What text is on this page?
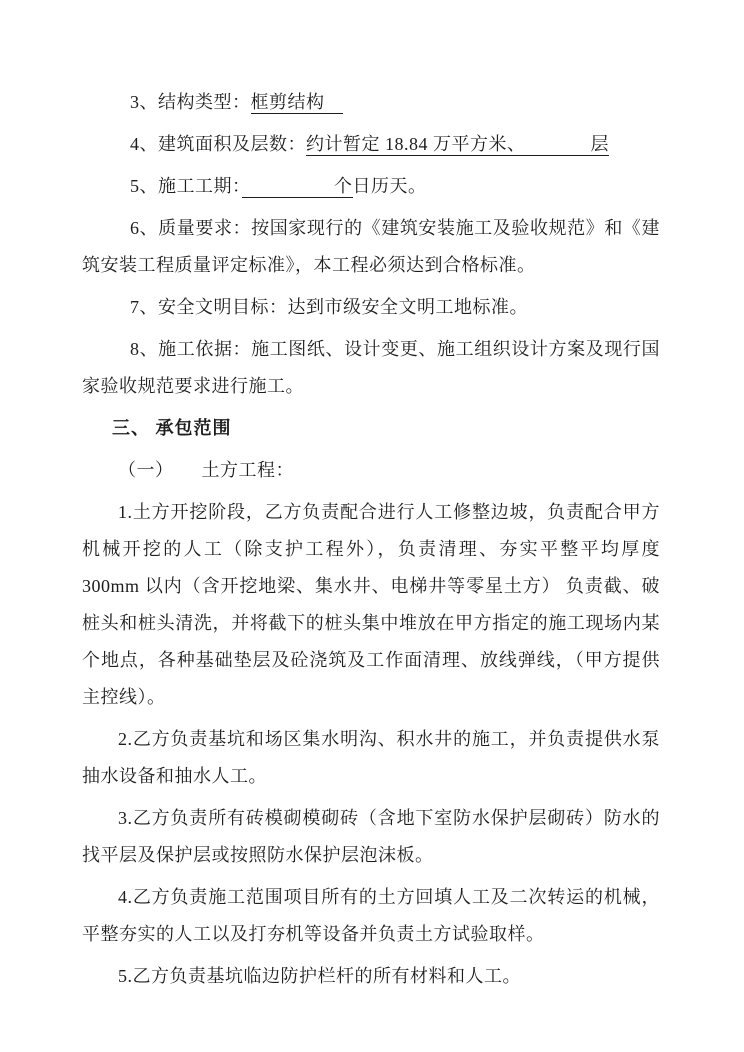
3、结构类型：框剪结构　

4、建筑面积及层数：约计暂定 18.84 万平方米、　　　　层

5、施工工期：　　　　　个日历天。

6、质量要求：按国家现行的《建筑安装施工及验收规范》和《建筑安装工程质量评定标准》，本工程必须达到合格标准。

7、安全文明目标：达到市级安全文明工地标准。

8、施工依据：施工图纸、设计变更、施工组织设计方案及现行国家验收规范要求进行施工。

三、 承包范围

（一）　　土方工程：

1.土方开挖阶段，乙方负责配合进行人工修整边坡，负责配合甲方机械开挖的人工（除支护工程外），负责清理、夯实平整平均厚度 300mm 以内（含开挖地梁、集水井、电梯井等零星土方） 负责截、破桩头和桩头清洗，并将截下的桩头集中堆放在甲方指定的施工现场内某个地点，各种基础垫层及砼浇筑及工作面清理、放线弹线，（甲方提供主控线）。

2.乙方负责基坑和场区集水明沟、积水井的施工，并负责提供水泵抽水设备和抽水人工。

3.乙方负责所有砖模砌模砌砖（含地下室防水保护层砌砖）防水的找平层及保护层或按照防水保护层泡沫板。

4.乙方负责施工范围项目所有的土方回填人工及二次转运的机械，平整夯实的人工以及打夯机等设备并负责土方试验取样。

5.乙方负责基坑临边防护栏杆的所有材料和人工。
